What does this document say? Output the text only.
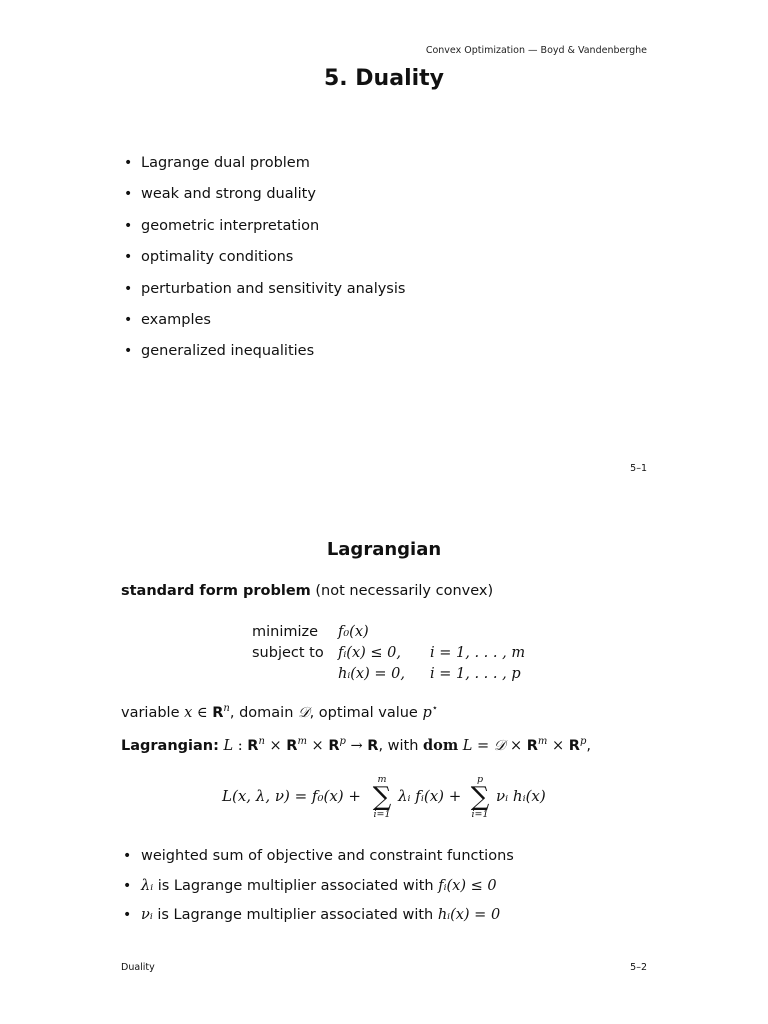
Convex Optimization — Boyd & Vandenberghe
5. Duality
• Lagrange dual problem
• weak and strong duality
• geometric interpretation
• optimality conditions
• perturbation and sensitivity analysis
• examples
• generalized inequalities
5–1
Lagrangian
standard form problem (not necessarily convex)
minimize	f₀(x)	
subject to	fᵢ(x) ≤ 0,	i = 1, . . . , m
	hᵢ(x) = 0,	i = 1, . . . , p
variable x ∈ $R^n$, domain 𝒟, optimal value p⋆
Lagrangian: L : $R^n \times R^m \times R^p \to R$, with dom L = 𝒟 × $R^m \times R^p$,
L(x, λ, ν) = f₀(x) +
m
∑
i=1
λᵢ fᵢ(x) +
p
∑
i=1
νᵢ hᵢ(x)
• weighted sum of objective and constraint functions
• λᵢ is Lagrange multiplier associated with fᵢ(x) ≤ 0
• νᵢ is Lagrange multiplier associated with hᵢ(x) = 0
Duality	5–2
